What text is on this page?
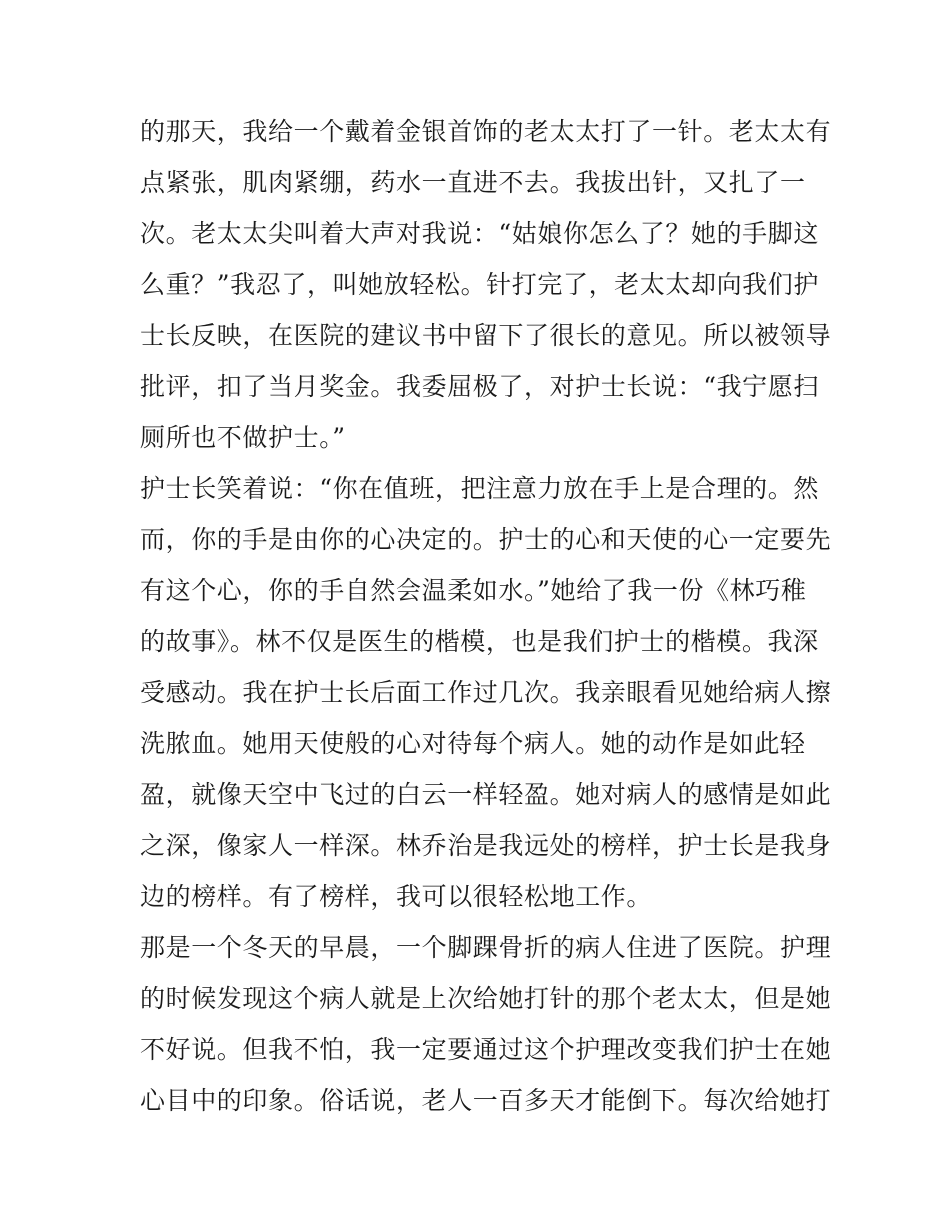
的那天，我给一个戴着金银首饰的老太太打了一针。老太太有
点紧张，肌肉紧绷，药水一直进不去。我拔出针，又扎了一
次。老太太尖叫着大声对我说：“姑娘你怎么了？她的手脚这
么重？”我忍了，叫她放轻松。针打完了，老太太却向我们护
士长反映，在医院的建议书中留下了很长的意见。所以被领导
批评，扣了当月奖金。我委屈极了，对护士长说：“我宁愿扫
厕所也不做护士。”
护士长笑着说：“你在值班，把注意力放在手上是合理的。然
而，你的手是由你的心决定的。护士的心和天使的心一定要先
有这个心，你的手自然会温柔如水。”她给了我一份《林巧稚
的故事》。林不仅是医生的楷模，也是我们护士的楷模。我深
受感动。我在护士长后面工作过几次。我亲眼看见她给病人擦
洗脓血。她用天使般的心对待每个病人。她的动作是如此轻
盈，就像天空中飞过的白云一样轻盈。她对病人的感情是如此
之深，像家人一样深。林乔治是我远处的榜样，护士长是我身
边的榜样。有了榜样，我可以很轻松地工作。
那是一个冬天的早晨，一个脚踝骨折的病人住进了医院。护理
的时候发现这个病人就是上次给她打针的那个老太太，但是她
不好说。但我不怕，我一定要通过这个护理改变我们护士在她
心目中的印象。俗话说，老人一百多天才能倒下。每次给她打
